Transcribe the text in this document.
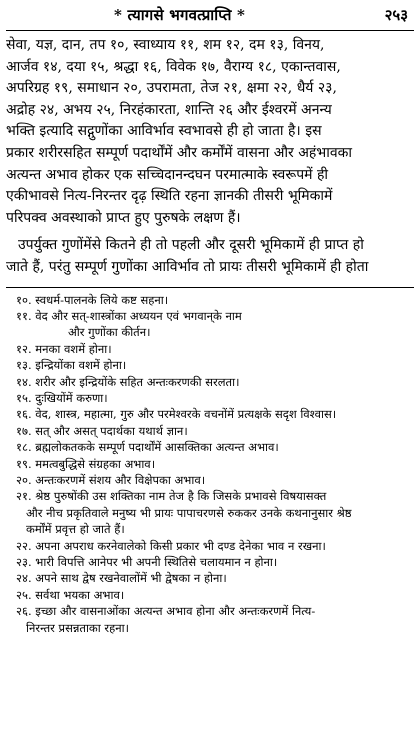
* त्यागसे भगवत्प्राप्ति *	२५३

सेवा, यज्ञ, दान, तप १०, स्वाध्याय ११, शम १२, दम १३, विनय,

आर्जव १४, दया १५, श्रद्धा १६, विवेक १७, वैराग्य १८, एकान्तवास,

अपरिग्रह १९, समाधान २०, उपरामता, तेज २१, क्षमा २२, धैर्य २३,

अद्रोह २४, अभय २५, निरहंकारता, शान्ति २६ और ईश्वरमें अनन्य

भक्ति इत्यादि सद्गुणोंका आविर्भाव स्वभावसे ही हो जाता है। इस

प्रकार शरीरसहित सम्पूर्ण पदार्थोंमें और कर्मोंमें वासना और अहंभावका

अत्यन्त अभाव होकर एक सच्चिदानन्दघन परमात्माके स्वरूपमें ही

एकीभावसे नित्य-निरन्तर दृढ़ स्थिति रहना ज्ञानकी तीसरी भूमिकामें

परिपक्व अवस्थाको प्राप्त हुए पुरुषके लक्षण हैं।

उपर्युक्त गुणोंमेंसे कितने ही तो पहली और दूसरी भूमिकामें ही प्राप्त हो
जाते हैं, परंतु सम्पूर्ण गुणोंका आविर्भाव तो प्रायः तीसरी भूमिकामें ही होता
१०. स्वधर्म-पालनके लिये कष्ट सहना।
११. वेद और सत्-शास्त्रोंका अध्ययन एवं भगवान्‌के नाम
और गुणोंका कीर्तन।
१२. मनका वशमें होना।
१३. इन्द्रियोंका वशमें होना।
१४. शरीर और इन्द्रियोंके सहित अन्तःकरणकी सरलता।
१५. दुःखियोंमें करुणा।
१६. वेद, शास्त्र, महात्मा, गुरु और परमेश्वरके वचनोंमें प्रत्यक्षके सदृश विश्वास।
१७. सत् और असत् पदार्थका यथार्थ ज्ञान।
१८. ब्रह्मलोकतकके सम्पूर्ण पदार्थोंमें आसक्तिका अत्यन्त अभाव।
१९. ममत्वबुद्धिसे संग्रहका अभाव।
२०. अन्तःकरणमें संशय और विक्षेपका अभाव।
२१. श्रेष्ठ पुरुषोंकी उस शक्तिका नाम तेज है कि जिसके प्रभावसे विषयासक्त
और नीच प्रकृतिवाले मनुष्य भी प्रायः पापाचरणसे रुककर उनके कथनानुसार श्रेष्ठ
कर्मोंमें प्रवृत्त हो जाते हैं।
२२. अपना अपराध करनेवालेको किसी प्रकार भी दण्ड देनेका भाव न रखना।
२३. भारी विपत्ति आनेपर भी अपनी स्थितिसे चलायमान न होना।
२४. अपने साथ द्वेष रखनेवालोंमें भी द्वेषका न होना।
२५. सर्वथा भयका अभाव।
२६. इच्छा और वासनाओंका अत्यन्त अभाव होना और अन्तःकरणमें नित्य-
निरन्तर प्रसन्नताका रहना।
